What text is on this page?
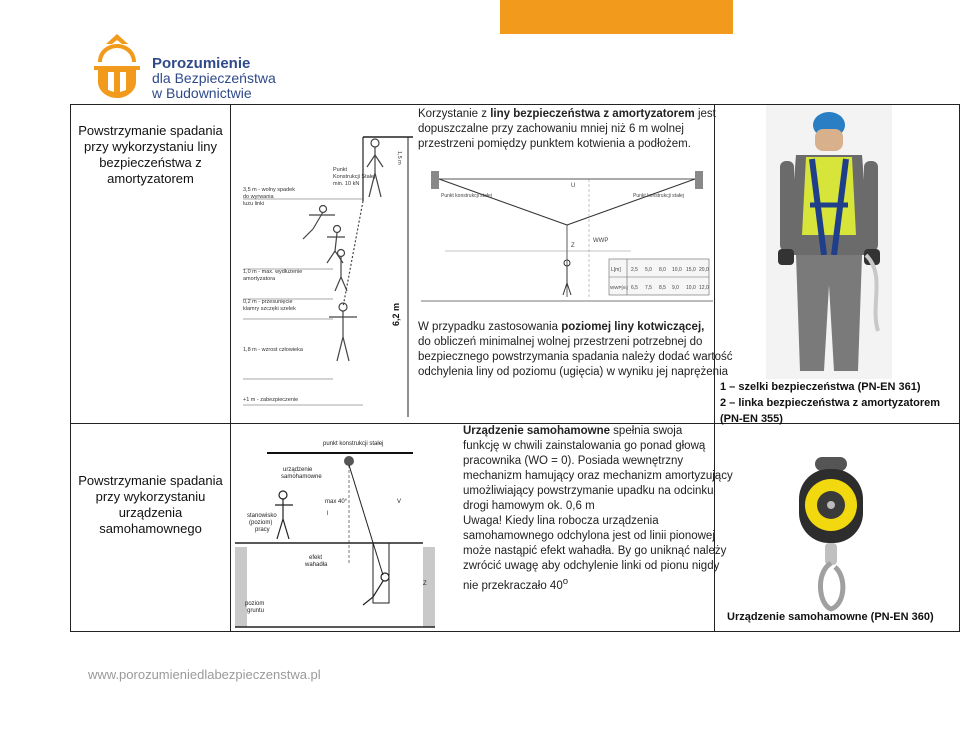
Porozumienie
dla Bezpieczeństwa
w Budownictwie
Powstrzymanie spadania
przy wykorzystaniu liny
bezpieczeństwa z
amortyzatorem
Korzystanie z liny bezpieczeństwa z amortyzatorem jest
dopuszczalne przy zachowaniu mniej niż 6 m wolnej
przestrzeni pomiędzy punktem kotwienia a podłożem.
Punkt
Konstrukcji Stałej
min. 10 kN
3,5 m - wolny spadek
do wyrwania
luzu linki
1,0 m - max. wydłużenie
amortyzatora
0,2 m - przesunięcie
klamry szczęki szelek
1,8 m - wzrost człowieka
+1 m - zabezpieczenie
1,5 m
6,2 m
Punkt konstrukcji stałej	Punkt konstrukcji stałej
U
Z
WWP
L[m]
WWP[m]
2,5 5,0 8,0 10,0 15,0 20,0
6,5 7,5 8,5 9,0 10,0 12,0
W przypadku zastosowania poziomej liny kotwiczącej,
do obliczeń minimalnej wolnej przestrzeni potrzebnej do
bezpiecznego powstrzymania spadania należy dodać wartość
odchylenia liny od poziomu (ugięcia) w wyniku jej naprężenia
1 – szelki bezpieczeństwa (PN-EN 361)
2 – linka bezpieczeństwa z amortyzatorem
(PN-EN 355)
Powstrzymanie spadania
przy wykorzystaniu urządzenia
samohamownego
punkt konstrukcji stałej
urządzenie
samohamowne
max 40°
l
V
Z
stanowisko
(poziom)
pracy
efekt
wahadła
poziom
gruntu
Urządzenie samohamowne spełnia swoja
funkcję w chwili zainstalowania go ponad głową
pracownika (WO = 0). Posiada wewnętrzny
mechanizm hamujący oraz mechanizm amortyzujący
umożliwiający powstrzymanie upadku na odcinku
drogi hamowym ok. 0,6 m
Uwaga! Kiedy lina robocza urządzenia
samohamownego odchylona jest od linii pionowej
może nastąpić efekt wahadła. By go uniknąć należy
zwrócić uwagę aby odchylenie linki od pionu nigdy
nie przekraczało 40$^o$
Urządzenie samohamowne (PN-EN 360)
www.porozumieniedlabezpieczenstwa.pl
